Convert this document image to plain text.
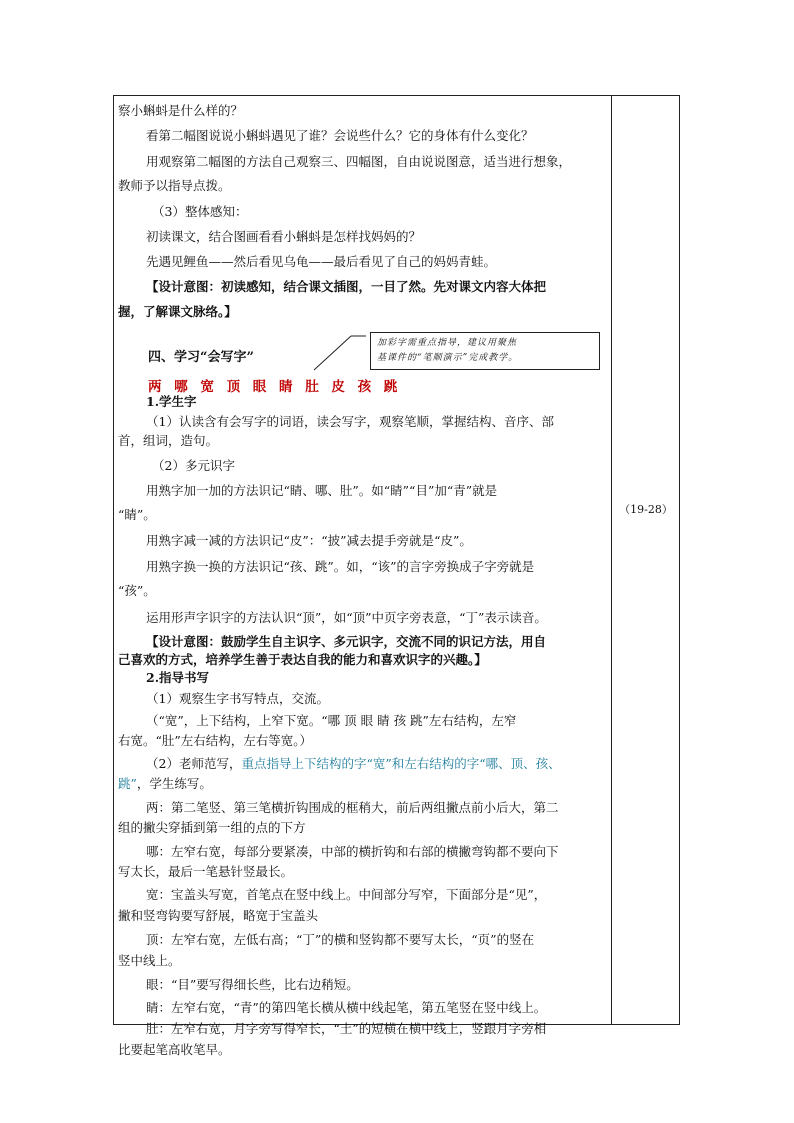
（19-28）
察小蝌蚪是什么样的？
看第二幅图说说小蝌蚪遇见了谁？会说些什么？它的身体有什么变化？
用观察第二幅图的方法自己观察三、四幅图，自由说说图意，适当进行想象，
教师予以指导点拨。
（3）整体感知：
初读课文，结合图画看看小蝌蚪是怎样找妈妈的？
先遇见鲤鱼——然后看见乌龟——最后看见了自己的妈妈青蛙。
【设计意图：初读感知，结合课文插图，一目了然。先对课文内容大体把
握，了解课文脉络。】
四、学习“会写字”
加彩字需重点指导，建议用聚焦
基课件的“笔顺演示”完成教学。
两 哪 宽 顶 眼 睛 肚 皮 孩 跳
1.学生字
（1）认读含有会写字的词语，读会写字，观察笔顺，掌握结构、音序、部
首，组词，造句。
（2）多元识字
用熟字加一加的方法识记“睛、哪、肚”。如“睛”“目”加“青”就是
“睛”。
用熟字减一减的方法识记“皮”：“披”减去提手旁就是“皮”。
用熟字换一换的方法识记“孩、跳”。如，“该”的言字旁换成子字旁就是
“孩”。
运用形声字识字的方法认识“顶”，如“顶”中页字旁表意，“丁”表示读音。
【设计意图：鼓励学生自主识字、多元识字，交流不同的识记方法，用自
己喜欢的方式，培养学生善于表达自我的能力和喜欢识字的兴趣。】
2.指导书写
（1）观察生字书写特点，交流。
（“宽”，上下结构，上窄下宽。“哪 顶 眼 睛 孩 跳”左右结构，左窄
右宽。“肚”左右结构，左右等宽。）
（2）老师范写，重点指导上下结构的字“宽”和左右结构的字“哪、顶、孩、
跳”，学生练写。
两：第二笔竖、第三笔横折钩围成的框稍大，前后两组撇点前小后大，第二
组的撇尖穿插到第一组的点的下方
哪：左窄右宽，每部分要紧凑，中部的横折钩和右部的横撇弯钩都不要向下
写太长，最后一笔悬针竖最长。
宽：宝盖头写宽，首笔点在竖中线上。中间部分写窄，下面部分是“见”，
撇和竖弯钩要写舒展，略宽于宝盖头
顶：左窄右宽，左低右高；“丁”的横和竖钩都不要写太长，“页”的竖在
竖中线上。
眼：“目”要写得细长些，比右边稍短。
睛：左窄右宽，“青”的第四笔长横从横中线起笔，第五笔竖在竖中线上。
肚：左窄右宽，月字旁写得窄长，“土”的短横在横中线上，竖跟月字旁相
比要起笔高收笔早。
